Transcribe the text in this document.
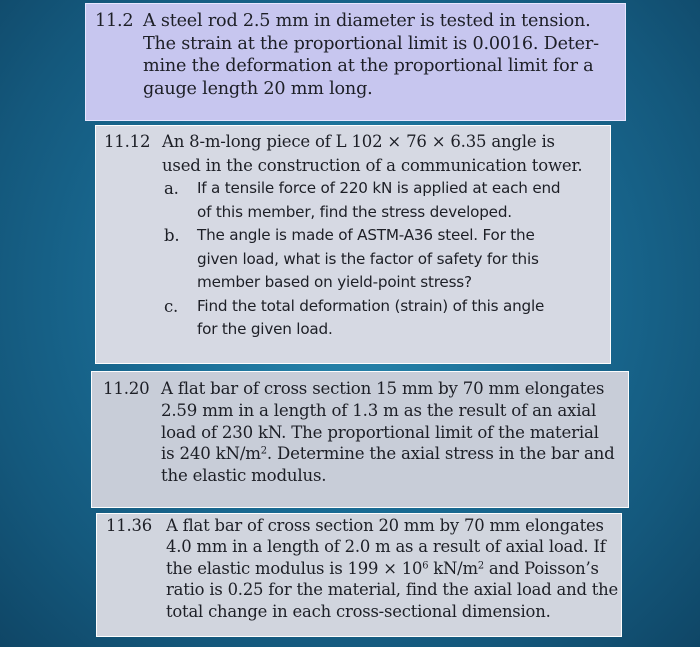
11.2 A steel rod 2.5 mm in diameter is tested in tension.
The strain at the proportional limit is 0.0016. Deter-
mine the deformation at the proportional limit for a
gauge length 20 mm long.
11.12 An 8-m-long piece of L 102 × 76 × 6.35 angle is
used in the construction of a communication tower.
a.	If a tensile force of 220 kN is applied at each end
of this member, find the stress developed.
b.	The angle is made of ASTM-A36 steel. For the
given load, what is the factor of safety for this
member based on yield-point stress?
c.	Find the total deformation (strain) of this angle
for the given load.
11.20 A flat bar of cross section 15 mm by 70 mm elongates
2.59 mm in a length of 1.3 m as the result of an axial
load of 230 kN. The proportional limit of the material
is 240 $kN/m^2$. Determine the axial stress in the bar and
the elastic modulus.
11.36 A flat bar of cross section 20 mm by 70 mm elongates
4.0 mm in a length of 2.0 m as a result of axial load. If
the elastic modulus is $199 \times 10^6$ $kN/m^2$ and Poisson’s
ratio is 0.25 for the material, find the axial load and the
total change in each cross-sectional dimension.
